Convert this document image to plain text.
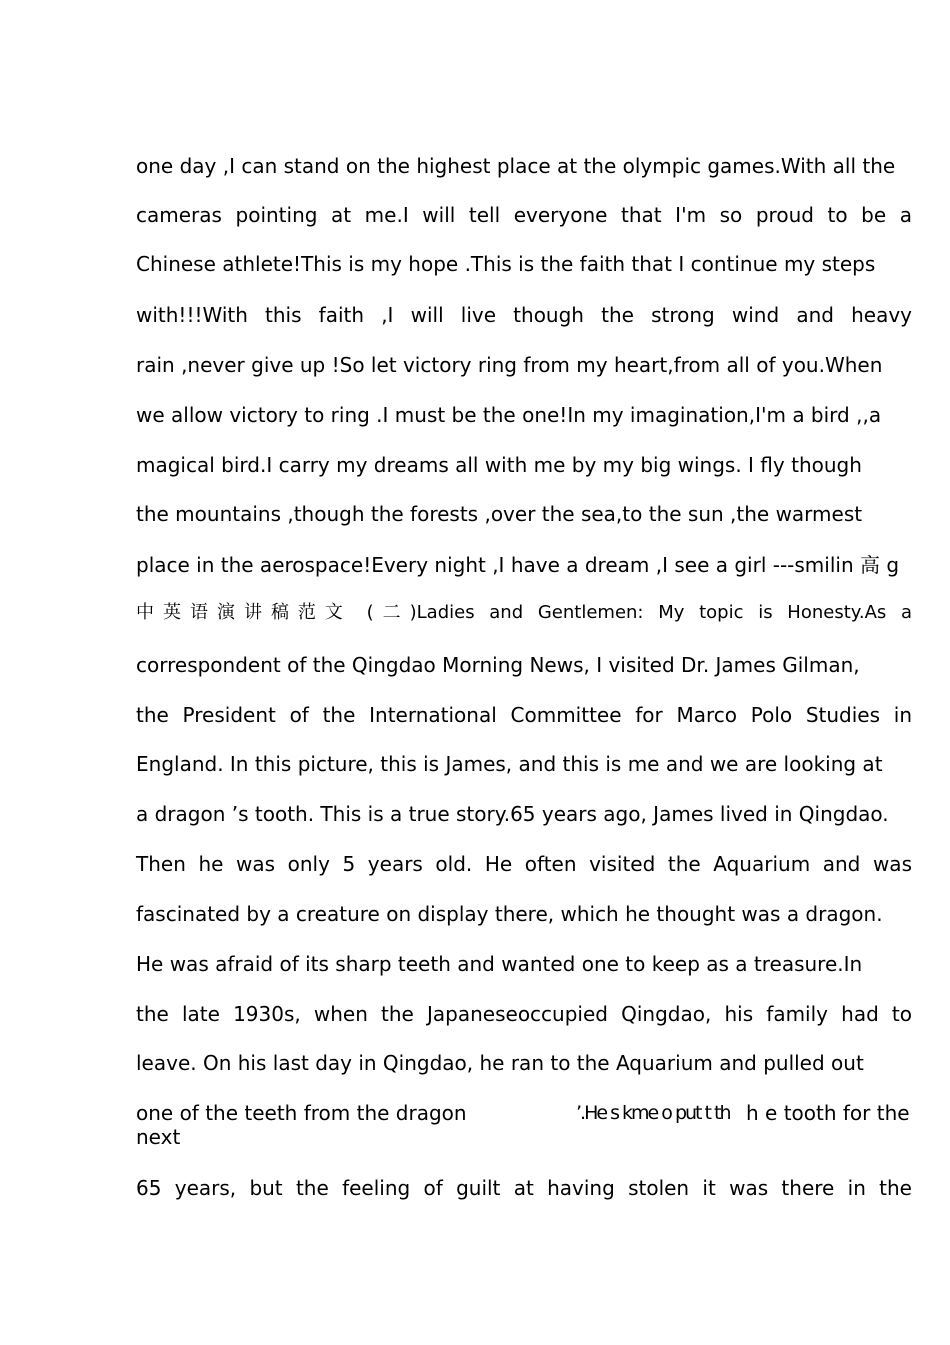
one day ,I can stand on the highest place at the olympic games.With all the
cameras pointing at me.I will tell everyone that I'm so proud to be a
Chinese athlete!This is my hope .This is the faith that I continue my steps
with!!!With this faith ,I will live though the strong wind and heavy
rain ,never give up !So let victory ring from my heart,from all of you.When
we allow victory to ring .I must be the one!In my imagination,I'm a bird ,,a
magical bird.I carry my dreams all with me by my big wings. I fly though
the mountains ,though the forests ,over the sea,to the sun ,the warmest
place in the aerospace!Every night ,I have a dream ,I see a girl ---smilin 高 g
中英语演讲稿范文 (二)Ladies and Gentlemen: My topic is Honesty.As a
correspondent of the Qingdao Morning News, I visited Dr. James Gilman,
the President of the International Committee for Marco Polo Studies in
England. In this picture, this is James, and this is me and we are looking at
a dragon ’s tooth. This is a true story.65 years ago, James lived in Qingdao.
Then he was only 5 years old. He often visited the Aquarium and was
fascinated by a creature on display there, which he thought was a dragon.
He was afraid of its sharp teeth and wanted one to keep as a treasure.In
the late 1930s, when the Japaneseoccupied Qingdao, his family had to
leave. On his last day in Qingdao, he ran to the Aquarium and pulled out
one of the teeth from the dragon	’.He s kme o put t th h e tooth for the
next
65 years, but the feeling of guilt at having stolen it was there in the
